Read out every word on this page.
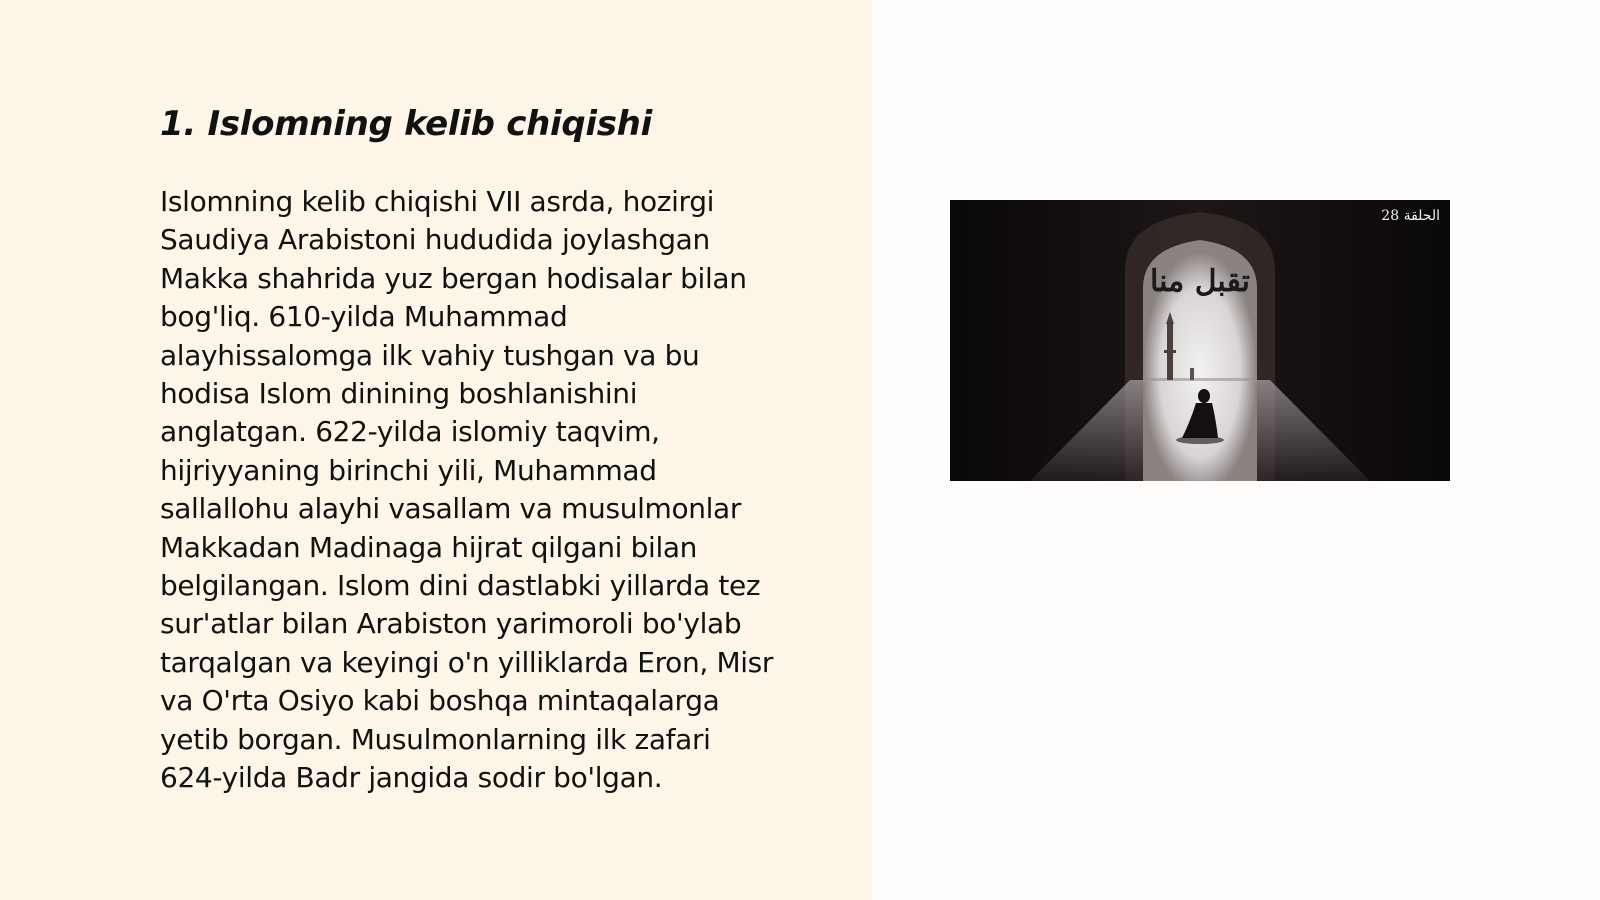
1. Islomning kelib chiqishi
Islomning kelib chiqishi VII asrda, hozirgi
Saudiya Arabistoni hududida joylashgan
Makka shahrida yuz bergan hodisalar bilan
bog'liq. 610-yilda Muhammad
alayhissalomga ilk vahiy tushgan va bu
hodisa Islom dinining boshlanishini
anglatgan. 622-yilda islomiy taqvim,
hijriyyaning birinchi yili, Muhammad
sallallohu alayhi vasallam va musulmonlar
Makkadan Madinaga hijrat qilgani bilan
belgilangan. Islom dini dastlabki yillarda tez
sur'atlar bilan Arabiston yarimoroli bo'ylab
tarqalgan va keyingi o'n yilliklarda Eron, Misr
va O'rta Osiyo kabi boshqa mintaqalarga
yetib borgan. Musulmonlarning ilk zafari
624-yilda Badr jangida sodir bo'lgan.
الحلقة 28
تقبل منا
